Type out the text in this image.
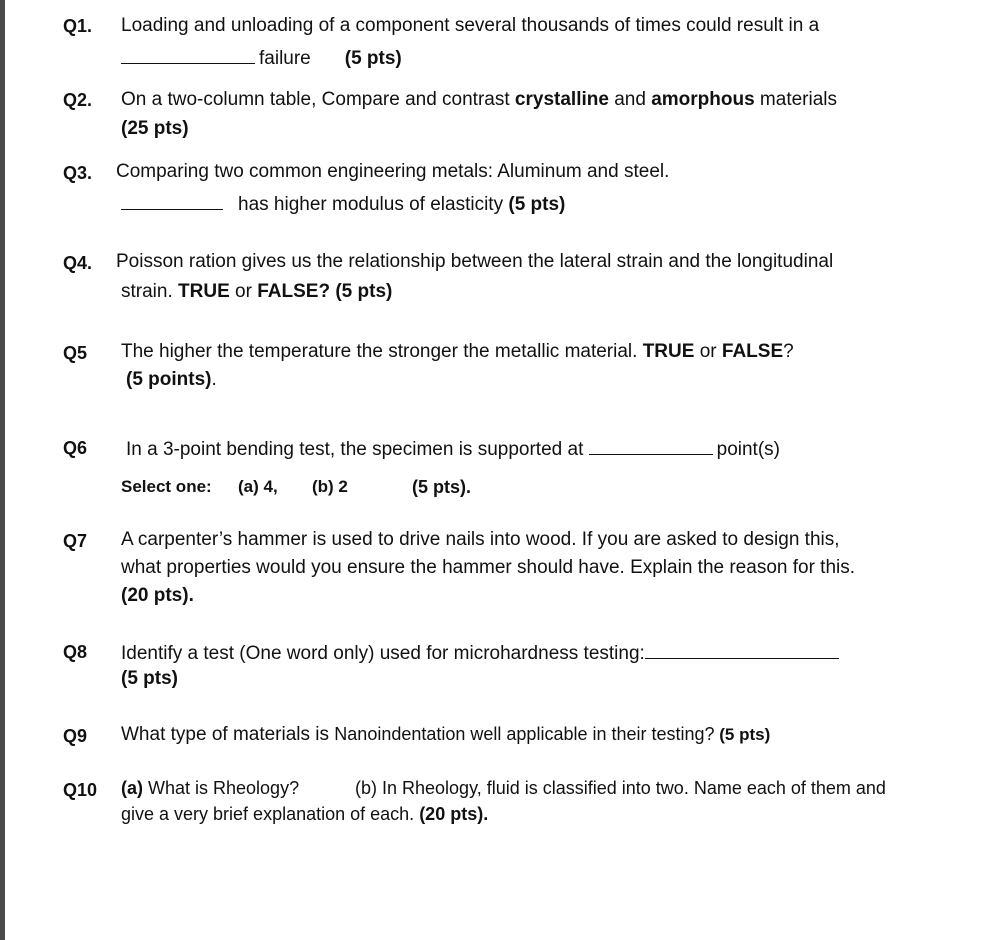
Q1. Loading and unloading of a component several thousands of times could result in a
failure (5 pts)
Q2. On a two-column table, Compare and contrast crystalline and amorphous materials
(25 pts)
Q3. Comparing two common engineering metals: Aluminum and steel.
has higher modulus of elasticity (5 pts)
Q4. Poisson ration gives us the relationship between the lateral strain and the longitudinal
strain. TRUE or FALSE? (5 pts)
Q5 The higher the temperature the stronger the metallic material. TRUE or FALSE?
(5 points).
Q6 In a 3-point bending test, the specimen is supported at	point(s)
Select one: (a) 4, (b) 2	(5 pts).
Q7 A carpenter’s hammer is used to drive nails into wood. If you are asked to design this,
what properties would you ensure the hammer should have. Explain the reason for this.
(20 pts).
Q8 Identify a test (One word only) used for microhardness testing:
(5 pts)
Q9 What type of materials is Nanoindentation well applicable in their testing? (5 pts)
Q10 (a) What is Rheology?	(b) In Rheology, fluid is classified into two. Name each of them and
give a very brief explanation of each. (20 pts).
